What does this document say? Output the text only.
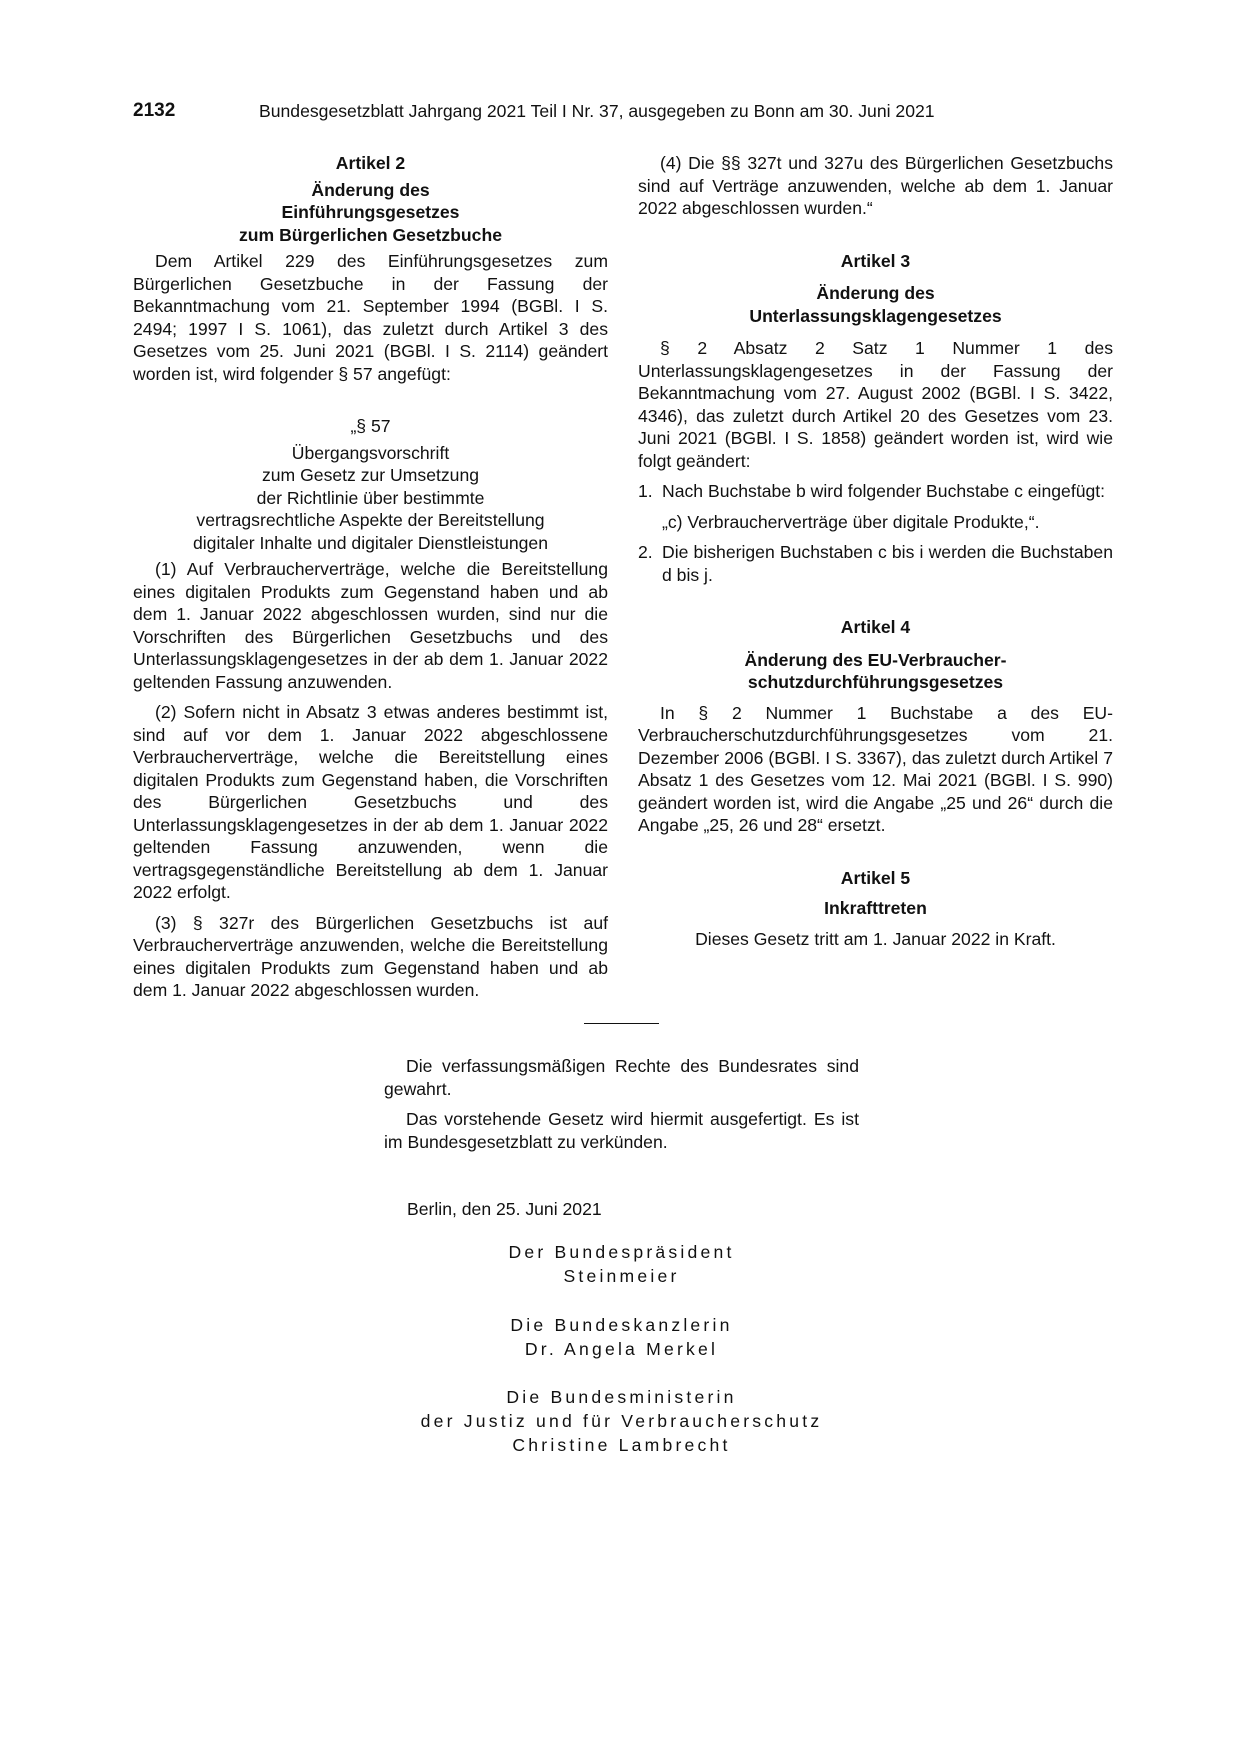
2132	Bundesgesetzblatt Jahrgang 2021 Teil I Nr. 37, ausgegeben zu Bonn am 30. Juni 2021

Artikel 2

Änderung des

Einführungsgesetzes

zum Bürgerlichen Gesetzbuche

Dem Artikel 229 des Einführungsgesetzes zum Bürgerlichen Gesetzbuche in der Fassung der Bekanntmachung vom 21. September 1994 (BGBl. I S. 2494; 1997 I S. 1061), das zuletzt durch Artikel 3 des Gesetzes vom 25. Juni 2021 (BGBl. I S. 2114) geändert worden ist, wird folgender § 57 angefügt:

„§ 57

Übergangsvorschrift

zum Gesetz zur Umsetzung

der Richtlinie über bestimmte

vertragsrechtliche Aspekte der Bereitstellung

digitaler Inhalte und digitaler Dienstleistungen

(1) Auf Verbraucherverträge, welche die Bereitstellung eines digitalen Produkts zum Gegenstand haben und ab dem 1. Januar 2022 abgeschlossen wurden, sind nur die Vorschriften des Bürgerlichen Gesetzbuchs und des Unterlassungsklagengesetzes in der ab dem 1. Januar 2022 geltenden Fassung anzuwenden.

(2) Sofern nicht in Absatz 3 etwas anderes bestimmt ist, sind auf vor dem 1. Januar 2022 abgeschlossene Verbraucherverträge, welche die Bereitstellung eines digitalen Produkts zum Gegenstand haben, die Vorschriften des Bürgerlichen Gesetzbuchs und des Unterlassungsklagengesetzes in der ab dem 1. Januar 2022 geltenden Fassung anzuwenden, wenn die vertragsgegenständliche Bereitstellung ab dem 1. Januar 2022 erfolgt.

(3) § 327r des Bürgerlichen Gesetzbuchs ist auf Verbraucherverträge anzuwenden, welche die Bereitstellung eines digitalen Produkts zum Gegenstand haben und ab dem 1. Januar 2022 abgeschlossen wurden.

(4) Die §§ 327t und 327u des Bürgerlichen Gesetzbuchs sind auf Verträge anzuwenden, welche ab dem 1. Januar 2022 abgeschlossen wurden.“

Artikel 3

Änderung des

Unterlassungsklagengesetzes

§ 2 Absatz 2 Satz 1 Nummer 1 des Unterlassungsklagengesetzes in der Fassung der Bekanntmachung vom 27. August 2002 (BGBl. I S. 3422, 4346), das zuletzt durch Artikel 20 des Gesetzes vom 23. Juni 2021 (BGBl. I S. 1858) geändert worden ist, wird wie folgt geändert:

1. Nach Buchstabe b wird folgender Buchstabe c eingefügt:

„c) Verbraucherverträge über digitale Produkte,“.

2. Die bisherigen Buchstaben c bis i werden die Buchstaben d bis j.

Artikel 4

Änderung des EU-Verbraucher-

schutzdurchführungsgesetzes

In § 2 Nummer 1 Buchstabe a des EU-Verbraucherschutzdurchführungsgesetzes vom 21. Dezember 2006 (BGBl. I S. 3367), das zuletzt durch Artikel 7 Absatz 1 des Gesetzes vom 12. Mai 2021 (BGBl. I S. 990) geändert worden ist, wird die Angabe „25 und 26“ durch die Angabe „25, 26 und 28“ ersetzt.

Artikel 5

Inkrafttreten

Dieses Gesetz tritt am 1. Januar 2022 in Kraft.

Die verfassungsmäßigen Rechte des Bundesrates sind gewahrt.

Das vorstehende Gesetz wird hiermit ausgefertigt. Es ist im Bundesgesetzblatt zu verkünden.

Berlin, den 25. Juni 2021
Der Bundespräsident
Steinmeier
Die Bundeskanzlerin
Dr. Angela Merkel
Die Bundesministerin
der Justiz und für Verbraucherschutz
Christine Lambrecht
